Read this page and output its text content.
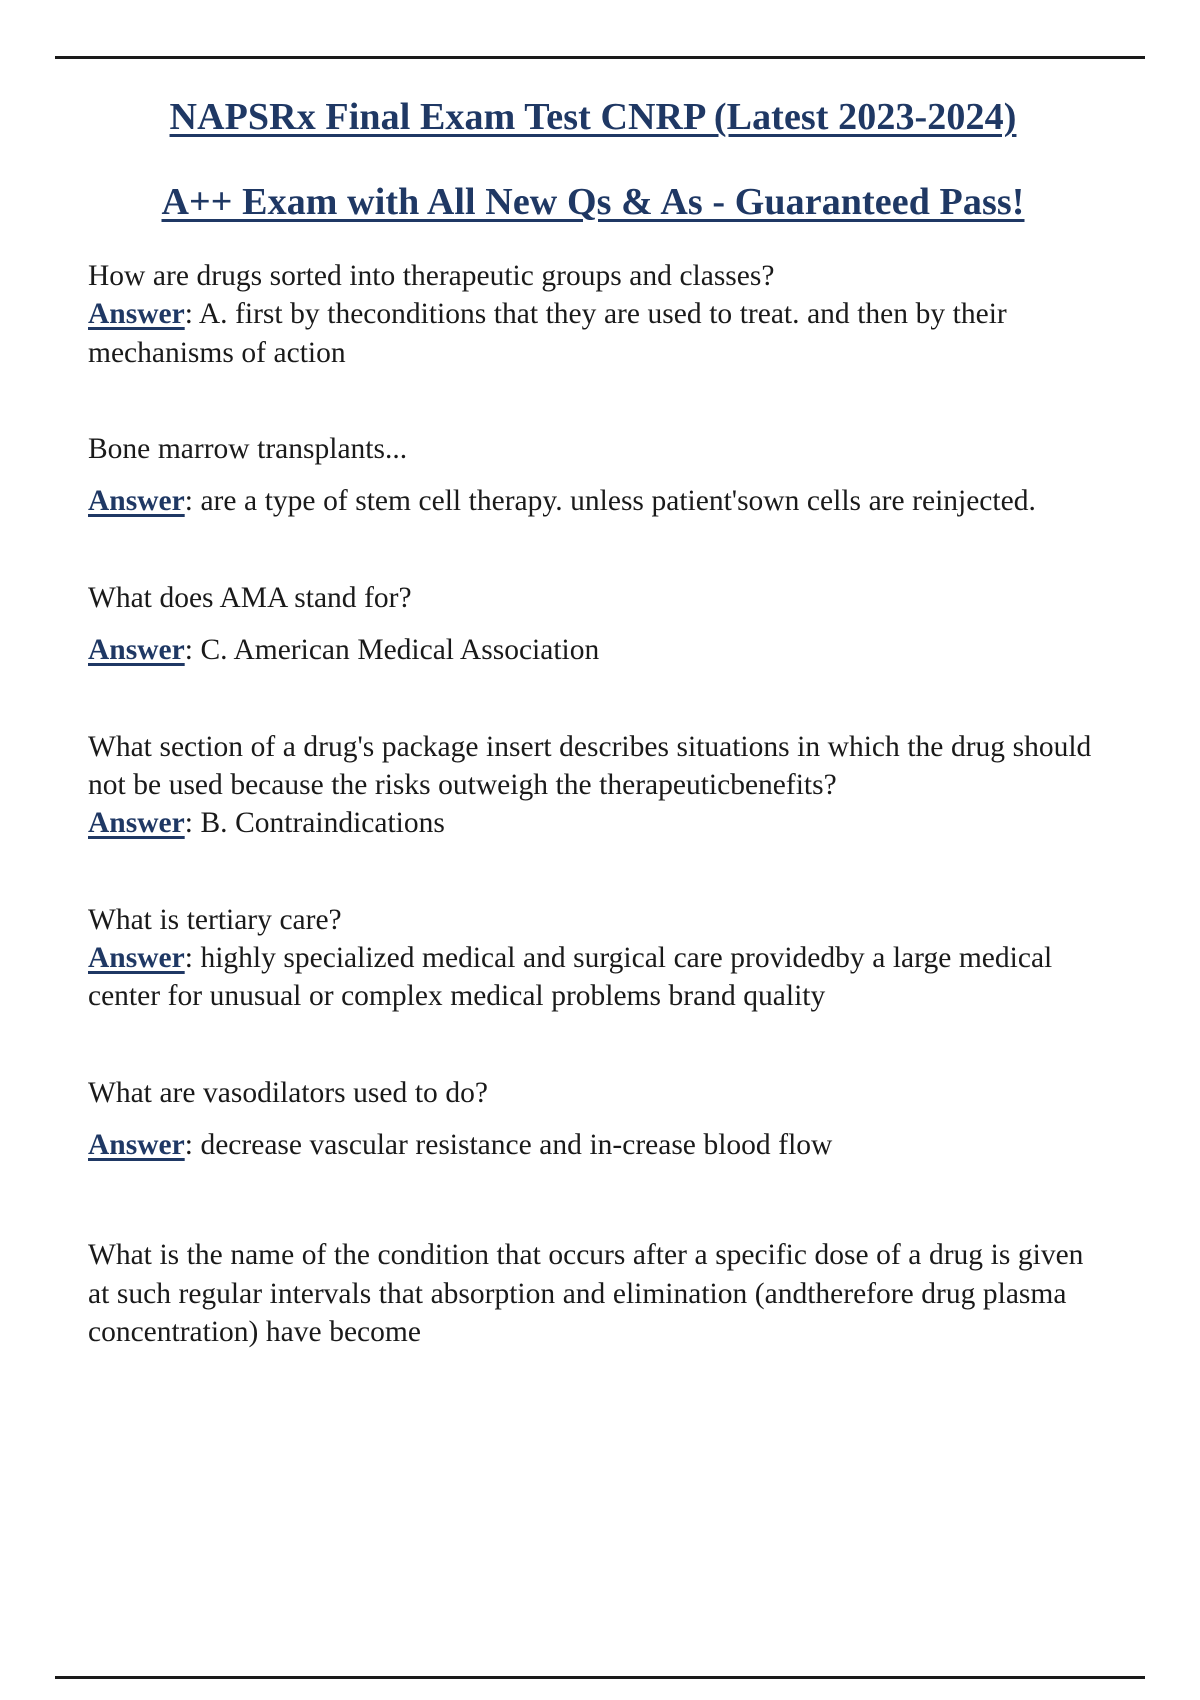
NAPSRx Final Exam Test CNRP (Latest 2023-2024)
A++ Exam with All New Qs & As - Guaranteed Pass!

How are drugs sorted into therapeutic groups and classes?

Answer: A. first by theconditions that they are used to treat. and then by their mechanisms of action

Bone marrow transplants...

Answer: are a type of stem cell therapy. unless patient'sown cells are reinjected.

What does AMA stand for?

Answer: C. American Medical Association

What section of a drug's package insert describes situations in which the drug should not be used because the risks outweigh the therapeuticbenefits?

Answer: B. Contraindications

What is tertiary care?

Answer: highly specialized medical and surgical care providedby a large medical center for unusual or complex medical problems brand quality

What are vasodilators used to do?

Answer: decrease vascular resistance and in-crease blood flow

What is the name of the condition that occurs after a specific dose of a drug is given at such regular intervals that absorption and elimination (andtherefore drug plasma concentration) have become
